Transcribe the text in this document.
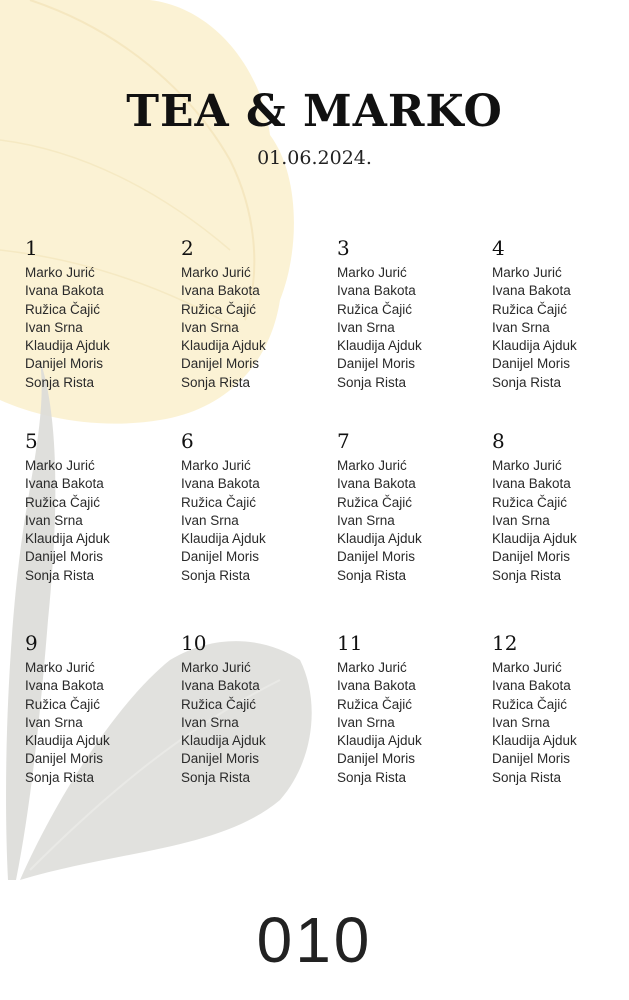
TEA & MARKO
01.06.2024.
1
Marko Jurić
Ivana Bakota
Ružica Čajić
Ivan Srna
Klaudija Ajduk
Danijel Moris
Sonja Rista
2
Marko Jurić
Ivana Bakota
Ružica Čajić
Ivan Srna
Klaudija Ajduk
Danijel Moris
Sonja Rista
3
Marko Jurić
Ivana Bakota
Ružica Čajić
Ivan Srna
Klaudija Ajduk
Danijel Moris
Sonja Rista
4
Marko Jurić
Ivana Bakota
Ružica Čajić
Ivan Srna
Klaudija Ajduk
Danijel Moris
Sonja Rista
5
Marko Jurić
Ivana Bakota
Ružica Čajić
Ivan Srna
Klaudija Ajduk
Danijel Moris
Sonja Rista
6
Marko Jurić
Ivana Bakota
Ružica Čajić
Ivan Srna
Klaudija Ajduk
Danijel Moris
Sonja Rista
7
Marko Jurić
Ivana Bakota
Ružica Čajić
Ivan Srna
Klaudija Ajduk
Danijel Moris
Sonja Rista
8
Marko Jurić
Ivana Bakota
Ružica Čajić
Ivan Srna
Klaudija Ajduk
Danijel Moris
Sonja Rista
9
Marko Jurić
Ivana Bakota
Ružica Čajić
Ivan Srna
Klaudija Ajduk
Danijel Moris
Sonja Rista
10
Marko Jurić
Ivana Bakota
Ružica Čajić
Ivan Srna
Klaudija Ajduk
Danijel Moris
Sonja Rista
11
Marko Jurić
Ivana Bakota
Ružica Čajić
Ivan Srna
Klaudija Ajduk
Danijel Moris
Sonja Rista
12
Marko Jurić
Ivana Bakota
Ružica Čajić
Ivan Srna
Klaudija Ajduk
Danijel Moris
Sonja Rista
010
